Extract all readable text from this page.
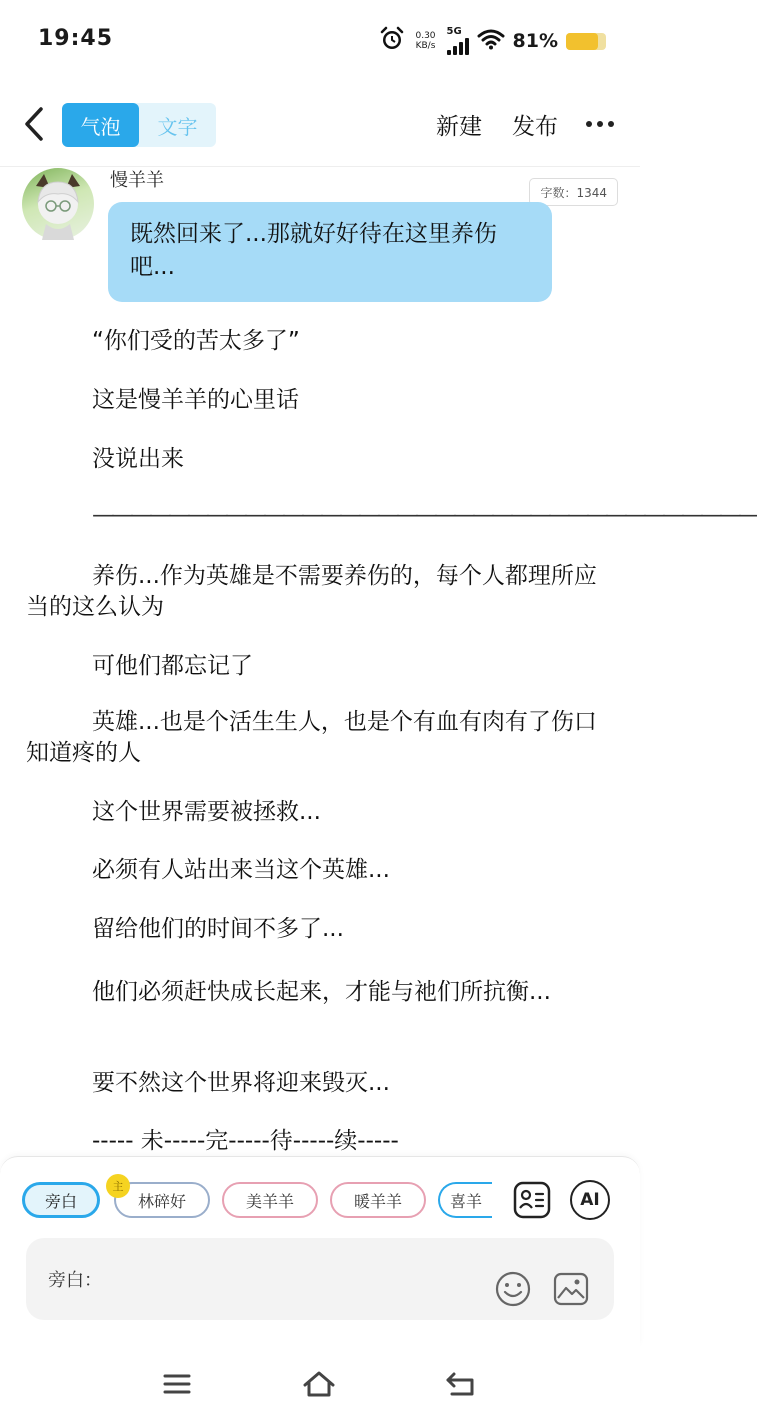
19:45	0.30
KB/s
5G	81%
气泡	文字	新建 发布
慢羊羊
字数：1344
既然回来了...那就好好待在这里养伤吧...
“你们受的苦太多了”
这是慢羊羊的心里话
没说出来
———————————————————————————————————
养伤...作为英雄是不需要养伤的，每个人都理所应当的这么认为
可他们都忘记了
英雄...也是个活生生人，也是个有血有肉有了伤口知道疼的人
这个世界需要被拯救...
必须有人站出来当这个英雄...
留给他们的时间不多了...
他们必须赶快成长起来，才能与祂们所抗衡...
要不然这个世界将迎来毁灭...
----- 未-----完-----待-----续-----
旁白	林碎好
主
美羊羊	暖羊羊	喜羊	AI
旁白：
